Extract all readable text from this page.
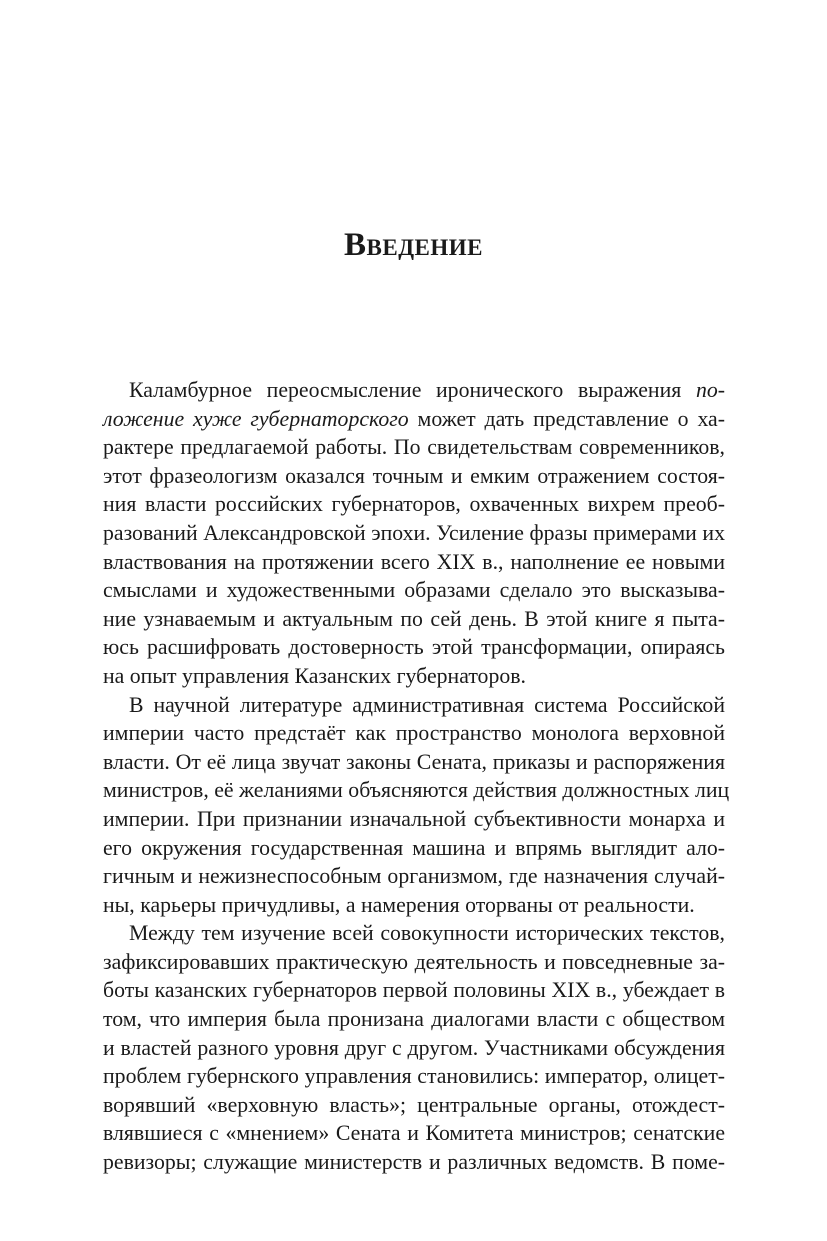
Введение
Каламбурное переосмысление иронического выражения по-
ложение хуже губернаторского может дать представление о ха-
рактере предлагаемой работы. По свидетельствам современников,
этот фразеологизм оказался точным и емким отражением состоя-
ния власти российских губернаторов, охваченных вихрем преоб-
разований Александровской эпохи. Усиление фразы примерами их
властвования на протяжении всего XIX в., наполнение ее новыми
смыслами и художественными образами сделало это высказыва-
ние узнаваемым и актуальным по сей день. В этой книге я пыта-
юсь расшифровать достоверность этой трансформации, опираясь
на опыт управления Казанских губернаторов.
В научной литературе административная система Российской
империи часто предстаёт как пространство монолога верховной
власти. От её лица звучат законы Сената, приказы и распоряжения
министров, её желаниями объясняются действия должностных лиц
империи. При признании изначальной субъективности монарха и
его окружения государственная машина и впрямь выглядит ало-
гичным и нежизнеспособным организмом, где назначения случай-
ны, карьеры причудливы, а намерения оторваны от реальности.
Между тем изучение всей совокупности исторических текстов,
зафиксировавших практическую деятельность и повседневные за-
боты казанских губернаторов первой половины XIX в., убеждает в
том, что империя была пронизана диалогами власти с обществом
и властей разного уровня друг с другом. Участниками обсуждения
проблем губернского управления становились: император, олицет-
ворявший «верховную власть»; центральные органы, отождест-
влявшиеся с «мнением» Сената и Комитета министров; сенатские
ревизоры; служащие министерств и различных ведомств. В поме-
